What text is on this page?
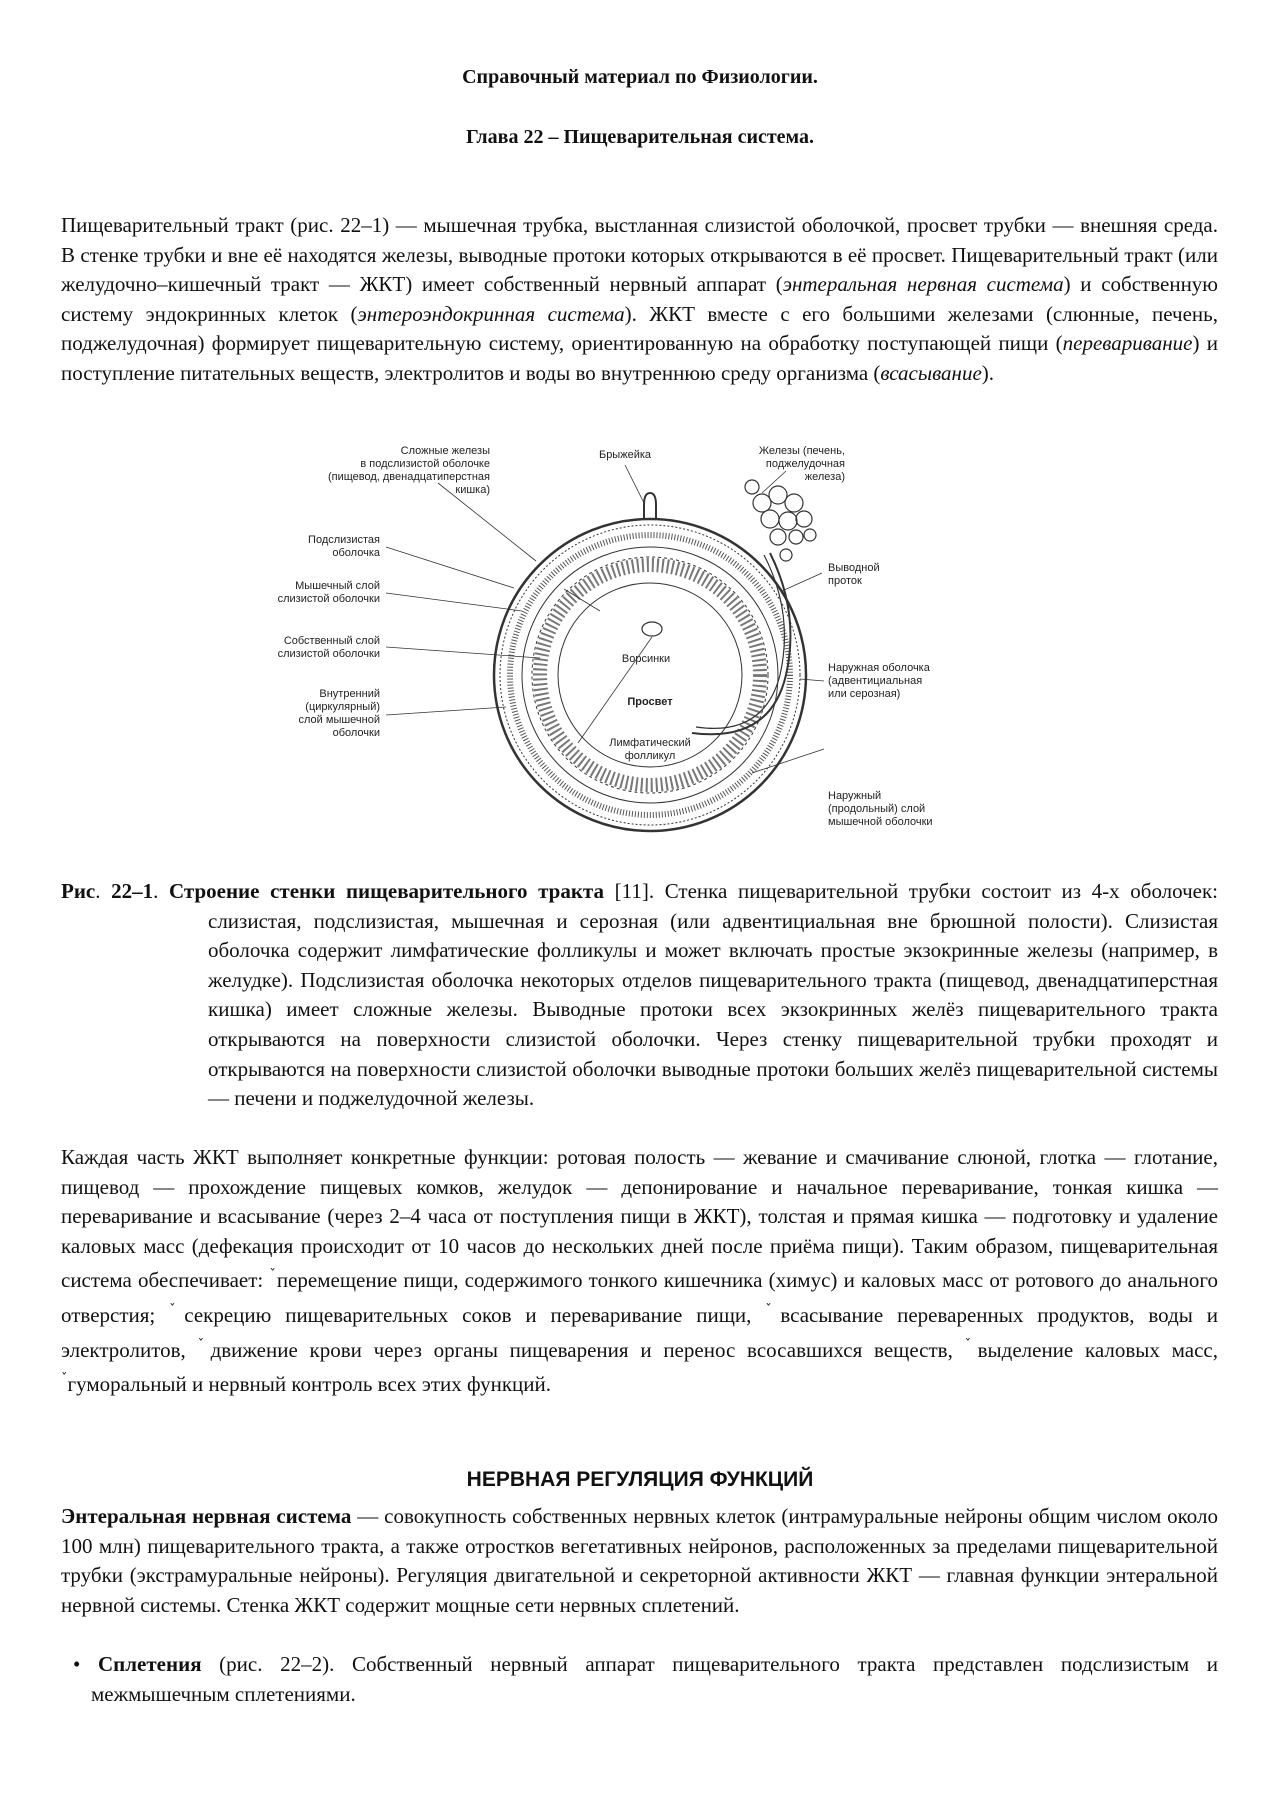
Справочный материал по Физиологии.
Глава 22 – Пищеварительная система.

Пищеварительный тракт (рис. 22–1) — мышечная трубка, выстланная слизистой оболочкой, просвет трубки — внешняя среда. В стенке трубки и вне её находятся железы, выводные протоки которых открываются в её просвет. Пищеварительный тракт (или желудочно–кишечный тракт — ЖКТ) имеет собственный нервный аппарат (энтеральная нервная система) и собственную систему эндокринных клеток (энтероэндокринная система). ЖКТ вместе с его большими железами (слюнные, печень, поджелудочная) формирует пищеварительную систему, ориентированную на обработку поступающей пищи (переваривание) и поступление питательных веществ, электролитов и воды во внутреннюю среду организма (всасывание).

Сложные железы
в подслизистой оболочке
(пищевод, двенадцатиперстная
кишка)
Брыжейка	Железы (печень,
поджелудочная
железа)
Подслизистая
оболочка
Мышечный слой
слизистой оболочки
Собственный слой
слизистой оболочки
Внутренний
(циркулярный)
слой мышечной
оболочки
Выводной
проток
Наружная оболочка
(адвентициальная
или серозная)
Наружный
(продольный) слой
мышечной оболочки
Ворсинки
Просвет
Лимфатический
фолликул

Рис. 22–1. Строение стенки пищеварительного тракта [11]. Стенка пищеварительной трубки состоит из 4-х оболочек: слизистая, подслизистая, мышечная и серозная (или адвентициальная вне брюшной полости). Слизистая оболочка содержит лимфатические фолликулы и может включать простые экзокринные железы (например, в желудке). Подслизистая оболочка некоторых отделов пищеварительного тракта (пищевод, двенадцатиперстная кишка) имеет сложные железы. Выводные протоки всех экзокринных желёз пищеварительного тракта открываются на поверхности слизистой оболочки. Через стенку пищеварительной трубки проходят и открываются на поверхности слизистой оболочки выводные протоки больших желёз пищеварительной системы — печени и поджелудочной железы.

Каждая часть ЖКТ выполняет конкретные функции: ротовая полость — жевание и смачивание слюной, глотка — глотание, пищевод — прохождение пищевых комков, желудок — депонирование и начальное переваривание, тонкая кишка — переваривание и всасывание (через 2–4 часа от поступления пищи в ЖКТ), толстая и прямая кишка — подготовку и удаление каловых масс (дефекация происходит от 10 часов до нескольких дней после приёма пищи). Таким образом, пищеварительная система обеспечивает: $^ˇ$перемещение пищи, содержимого тонкого кишечника (химус) и каловых масс от ротового до анального отверстия; $^ˇ$секрецию пищеварительных соков и переваривание пищи, $^ˇ$всасывание переваренных продуктов, воды и электролитов, $^ˇ$движение крови через органы пищеварения и перенос всосавшихся веществ, $^ˇ$выделение каловых масс, $^ˇ$гуморальный и нервный контроль всех этих функций.

НЕРВНАЯ РЕГУЛЯЦИЯ ФУНКЦИЙ

Энтеральная нервная система — совокупность собственных нервных клеток (интрамуральные нейроны общим числом около 100 млн) пищеварительного тракта, а также отростков вегетативных нейронов, расположенных за пределами пищеварительной трубки (экстрамуральные нейроны). Регуляция двигательной и секреторной активности ЖКТ — главная функции энтеральной нервной системы. Стенка ЖКТ содержит мощные сети нервных сплетений.

• Сплетения (рис. 22–2). Собственный нервный аппарат пищеварительного тракта представлен подслизистым и межмышечным сплетениями.
